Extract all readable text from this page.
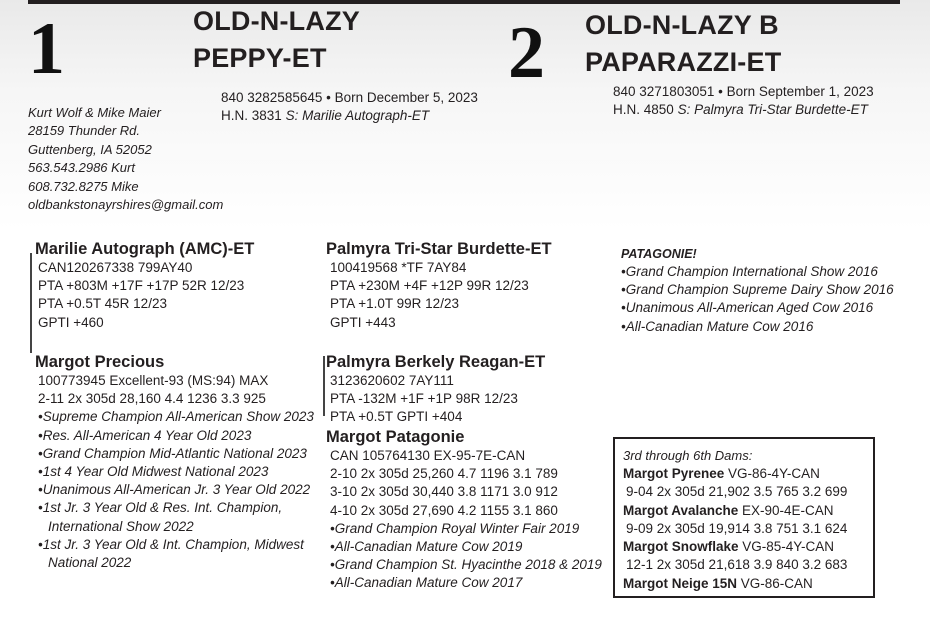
1	OLD-N-LAZY
PEPPY-ET
840 3282585645 • Born December 5, 2023
H.N. 3831 S: Marilie Autograph-ET
2 OLD-N-LAZY B
PAPARAZZI-ET
840 3271803051 • Born September 1, 2023
H.N. 4850 S: Palmyra Tri-Star Burdette-ET
Kurt Wolf & Mike Maier
28159 Thunder Rd.
Guttenberg, IA 52052
563.543.2986 Kurt
608.732.8275 Mike
oldbankstonayrshires@gmail.com
Marilie Autograph (AMC)-ET
CAN120267338 799AY40
PTA +803M +17F +17P 52R 12/23
PTA +0.5T 45R 12/23
GPTI +460
Margot Precious
100773945 Excellent-93 (MS:94) MAX
2-11 2x 305d 28,160 4.4 1236 3.3 925
•Supreme Champion All-American Show 2023
•Res. All-American 4 Year Old 2023
•Grand Champion Mid-Atlantic National 2023
•1st 4 Year Old Midwest National 2023
•Unanimous All-American Jr. 3 Year Old 2022
•1st Jr. 3 Year Old & Res. Int. Champion,
International Show 2022
•1st Jr. 3 Year Old & Int. Champion, Midwest
National 2022
Palmyra Tri-Star Burdette-ET
100419568 *TF 7AY84
PTA +230M +4F +12P 99R 12/23
PTA +1.0T 99R 12/23
GPTI +443
Palmyra Berkely Reagan-ET
3123620602 7AY111
PTA -132M +1F +1P 98R 12/23
PTA +0.5T GPTI +404
Margot Patagonie
CAN 105764130 EX-95-7E-CAN
2-10 2x 305d 25,260 4.7 1196 3.1 789
3-10 2x 305d 30,440 3.8 1171 3.0 912
4-10 2x 305d 27,690 4.2 1155 3.1 860
•Grand Champion Royal Winter Fair 2019
•All-Canadian Mature Cow 2019
•Grand Champion St. Hyacinthe 2018 & 2019
•All-Canadian Mature Cow 2017
PATAGONIE!
•Grand Champion International Show 2016
•Grand Champion Supreme Dairy Show 2016
•Unanimous All-American Aged Cow 2016
•All-Canadian Mature Cow 2016
3rd through 6th Dams:
Margot Pyrenee VG-86-4Y-CAN
9-04 2x 305d 21,902 3.5 765 3.2 699
Margot Avalanche EX-90-4E-CAN
9-09 2x 305d 19,914 3.8 751 3.1 624
Margot Snowflake VG-85-4Y-CAN
12-1 2x 305d 21,618 3.9 840 3.2 683
Margot Neige 15N VG-86-CAN
